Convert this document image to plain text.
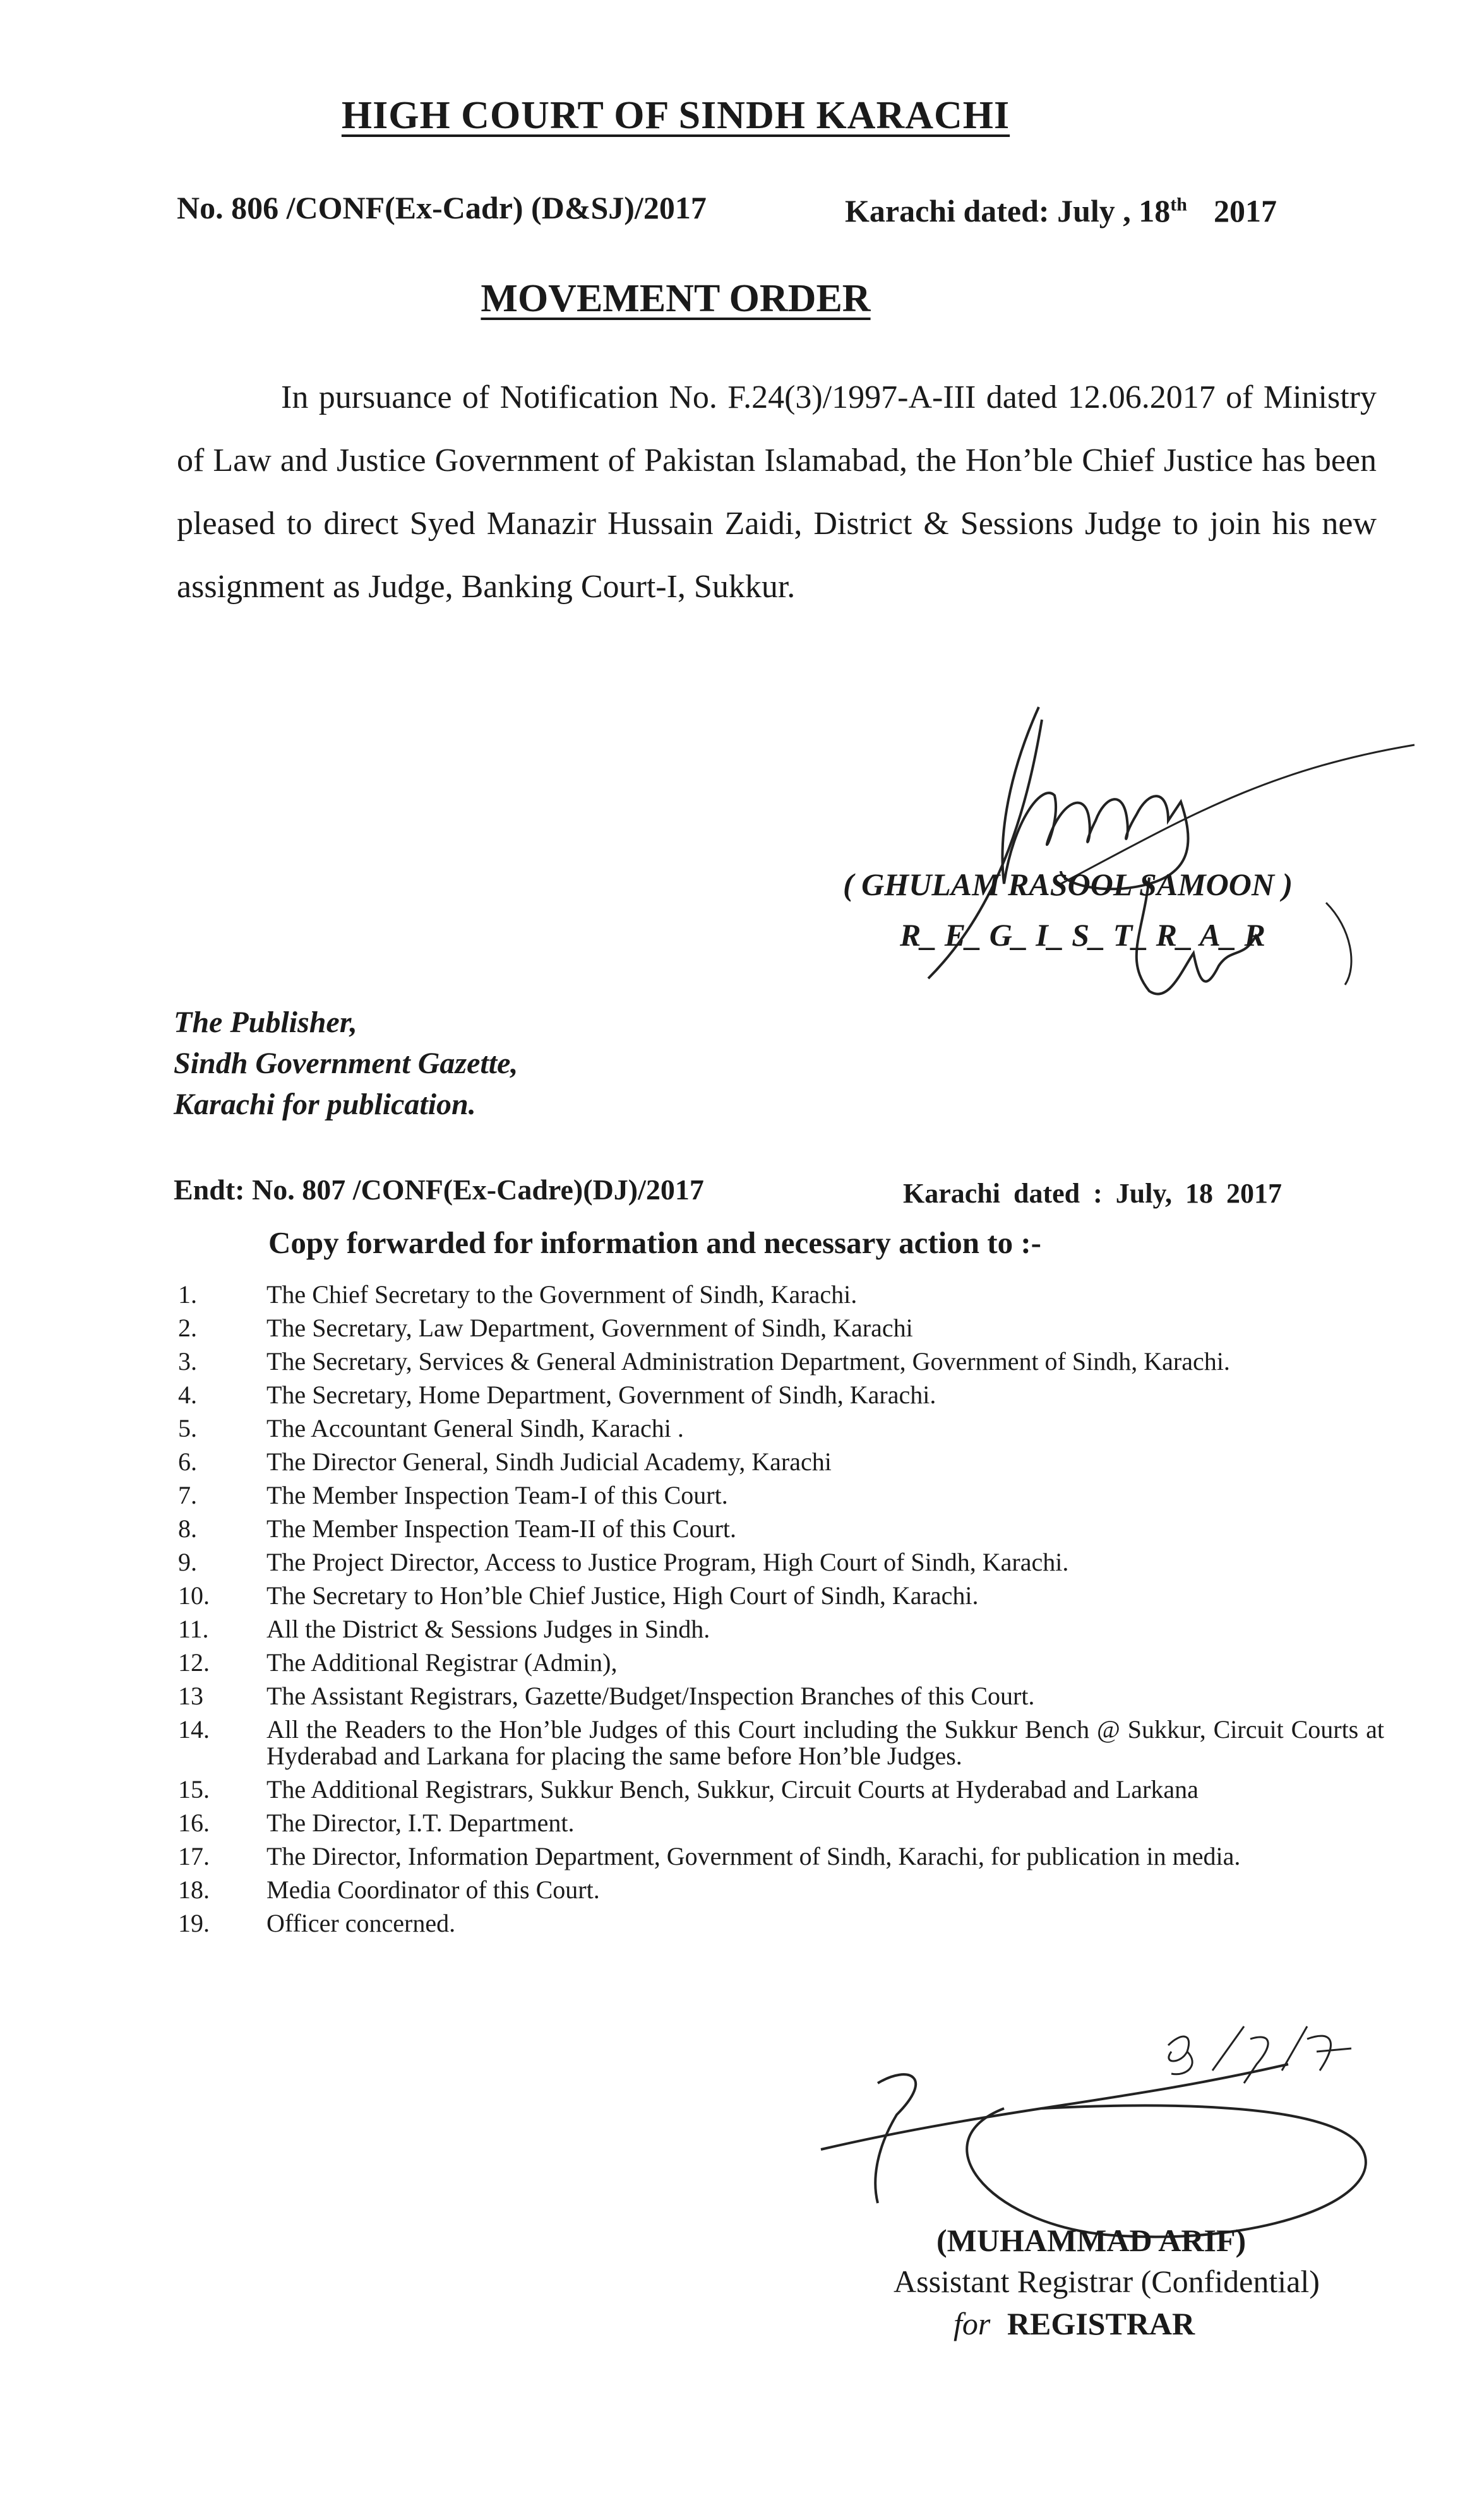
HIGH COURT OF SINDH KARACHI
No. 806 /CONF(Ex-Cadr) (D&SJ)/2017	Karachi dated: July , 18th 2017
MOVEMENT ORDER
In pursuance of Notification No. F.24(3)/1997-A-III dated 12.06.2017 of Ministry of Law and Justice Government of Pakistan Islamabad, the Hon’ble Chief Justice has been pleased to direct Syed Manazir Hussain Zaidi, District & Sessions Judge to join his new assignment as Judge, Banking Court-I, Sukkur.
( GHULAM RASOOL SAMOON )
R_ E_ G_ I_ S_ T_ R_ A_ R
The Publisher,
Sindh Government Gazette,
Karachi for publication.
Endt: No. 807 /CONF(Ex-Cadre)(DJ)/2017	Karachi dated : July, 18 2017
Copy forwarded for information and necessary action to :-
1.	The Chief Secretary to the Government of Sindh, Karachi.
2.	The Secretary, Law Department, Government of Sindh, Karachi
3.	The Secretary, Services & General Administration Department, Government of Sindh, Karachi.
4.	The Secretary, Home Department, Government of Sindh, Karachi.
5.	The Accountant General Sindh, Karachi .
6.	The Director General, Sindh Judicial Academy, Karachi
7.	The Member Inspection Team-I of this Court.
8.	The Member Inspection Team-II of this Court.
9.	The Project Director, Access to Justice Program, High Court of Sindh, Karachi.
10. The Secretary to Hon’ble Chief Justice, High Court of Sindh, Karachi.
11. All the District & Sessions Judges in Sindh.
12. The Additional Registrar (Admin),
13	The Assistant Registrars, Gazette/Budget/Inspection Branches of this Court.
14. All the Readers to the Hon’ble Judges of this Court including the Sukkur Bench @ Sukkur, Circuit Courts at Hyderabad and Larkana for placing the same before Hon’ble Judges.
15. The Additional Registrars, Sukkur Bench, Sukkur, Circuit Courts at Hyderabad and Larkana
16. The Director, I.T. Department.
17. The Director, Information Department, Government of Sindh, Karachi, for publication in media.
18. Media Coordinator of this Court.
19. Officer concerned.
(MUHAMMAD ARIF)
Assistant Registrar (Confidential)
for REGISTRAR
